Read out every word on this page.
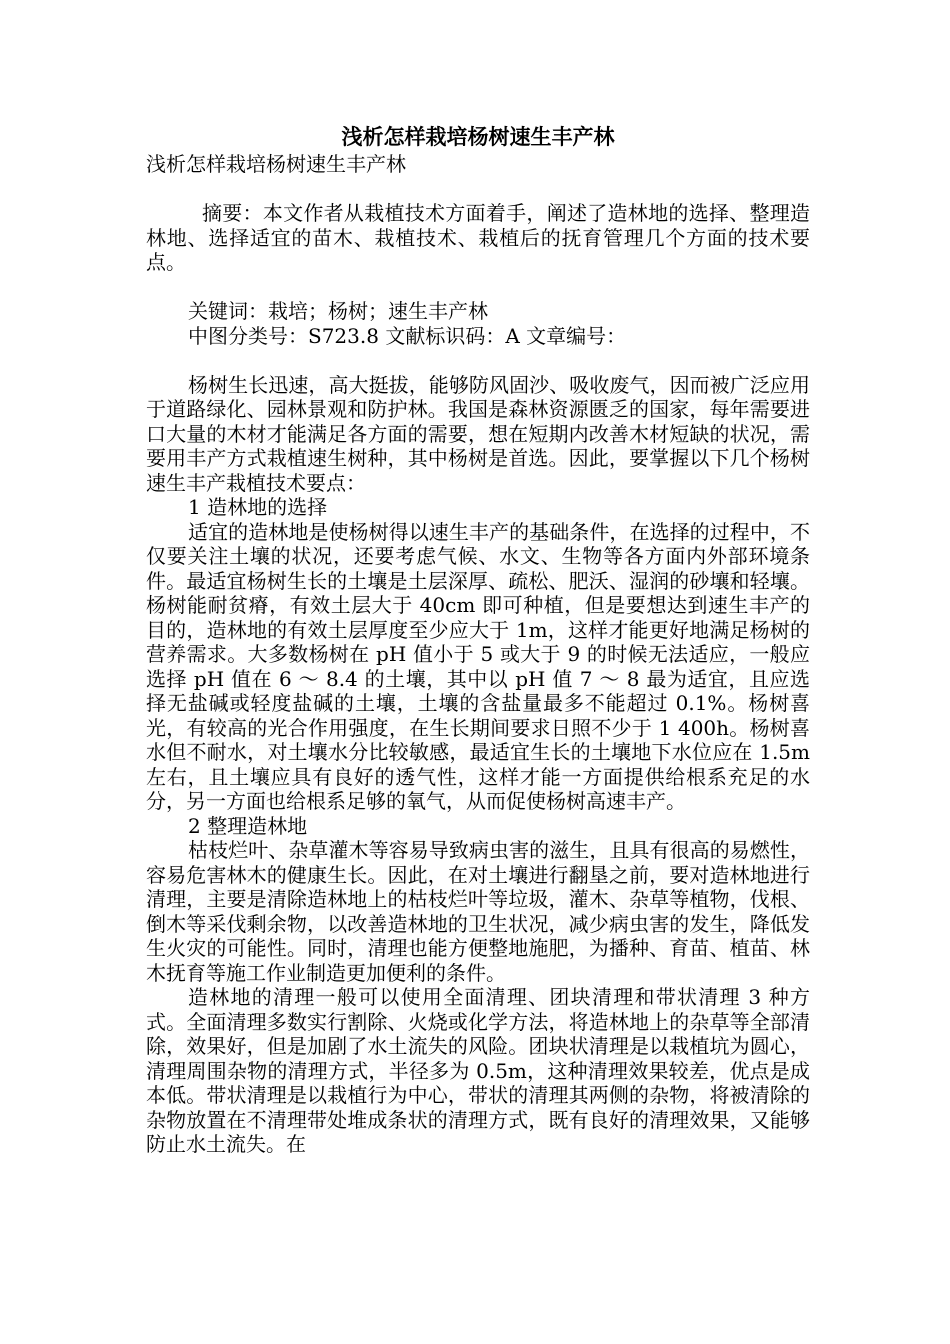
浅析怎样栽培杨树速生丰产林
浅析怎样栽培杨树速生丰产林
摘要：本文作者从栽植技术方面着手，阐述了造林地的选择、整理造林地、选择适宜的苗木、栽植技术、栽植后的抚育管理几个方面的技术要点。
关键词：栽培；杨树；速生丰产林
中图分类号：S723.8 文献标识码：A 文章编号：
杨树生长迅速，高大挺拔，能够防风固沙、吸收废气，因而被广泛应用于道路绿化、园林景观和防护林。我国是森林资源匮乏的国家，每年需要进口大量的木材才能满足各方面的需要，想在短期内改善木材短缺的状况，需要用丰产方式栽植速生树种，其中杨树是首选。因此，要掌握以下几个杨树速生丰产栽植技术要点：
1 造林地的选择
适宜的造林地是使杨树得以速生丰产的基础条件，在选择的过程中，不仅要关注土壤的状况，还要考虑气候、水文、生物等各方面内外部环境条件。最适宜杨树生长的土壤是土层深厚、疏松、肥沃、湿润的砂壤和轻壤。杨树能耐贫瘠，有效土层大于 40cm 即可种植，但是要想达到速生丰产的目的，造林地的有效土层厚度至少应大于 1m，这样才能更好地满足杨树的营养需求。大多数杨树在 pH 值小于 5 或大于 9 的时候无法适应，一般应选择 pH 值在 6 ～ 8.4 的土壤，其中以 pH 值 7 ～ 8 最为适宜，且应选择无盐碱或轻度盐碱的土壤，土壤的含盐量最多不能超过 0.1%。杨树喜光，有较高的光合作用强度，在生长期间要求日照不少于 1 400h。杨树喜水但不耐水，对土壤水分比较敏感，最适宜生长的土壤地下水位应在 1.5m 左右，且土壤应具有良好的透气性，这样才能一方面提供给根系充足的水分，另一方面也给根系足够的氧气，从而促使杨树高速丰产。
2 整理造林地
枯枝烂叶、杂草灌木等容易导致病虫害的滋生，且具有很高的易燃性，容易危害林木的健康生长。因此，在对土壤进行翻垦之前，要对造林地进行清理，主要是清除造林地上的枯枝烂叶等垃圾，灌木、杂草等植物，伐根、倒木等采伐剩余物，以改善造林地的卫生状况，减少病虫害的发生，降低发生火灾的可能性。同时，清理也能方便整地施肥，为播种、育苗、植苗、林木抚育等施工作业制造更加便利的条件。
造林地的清理一般可以使用全面清理、团块清理和带状清理 3 种方式。全面清理多数实行割除、火烧或化学方法，将造林地上的杂草等全部清除，效果好，但是加剧了水土流失的风险。团块状清理是以栽植坑为圆心，清理周围杂物的清理方式，半径多为 0.5m，这种清理效果较差，优点是成本低。带状清理是以栽植行为中心，带状的清理其两侧的杂物，将被清除的杂物放置在不清理带处堆成条状的清理方式，既有良好的清理效果，又能够防止水土流失。在
